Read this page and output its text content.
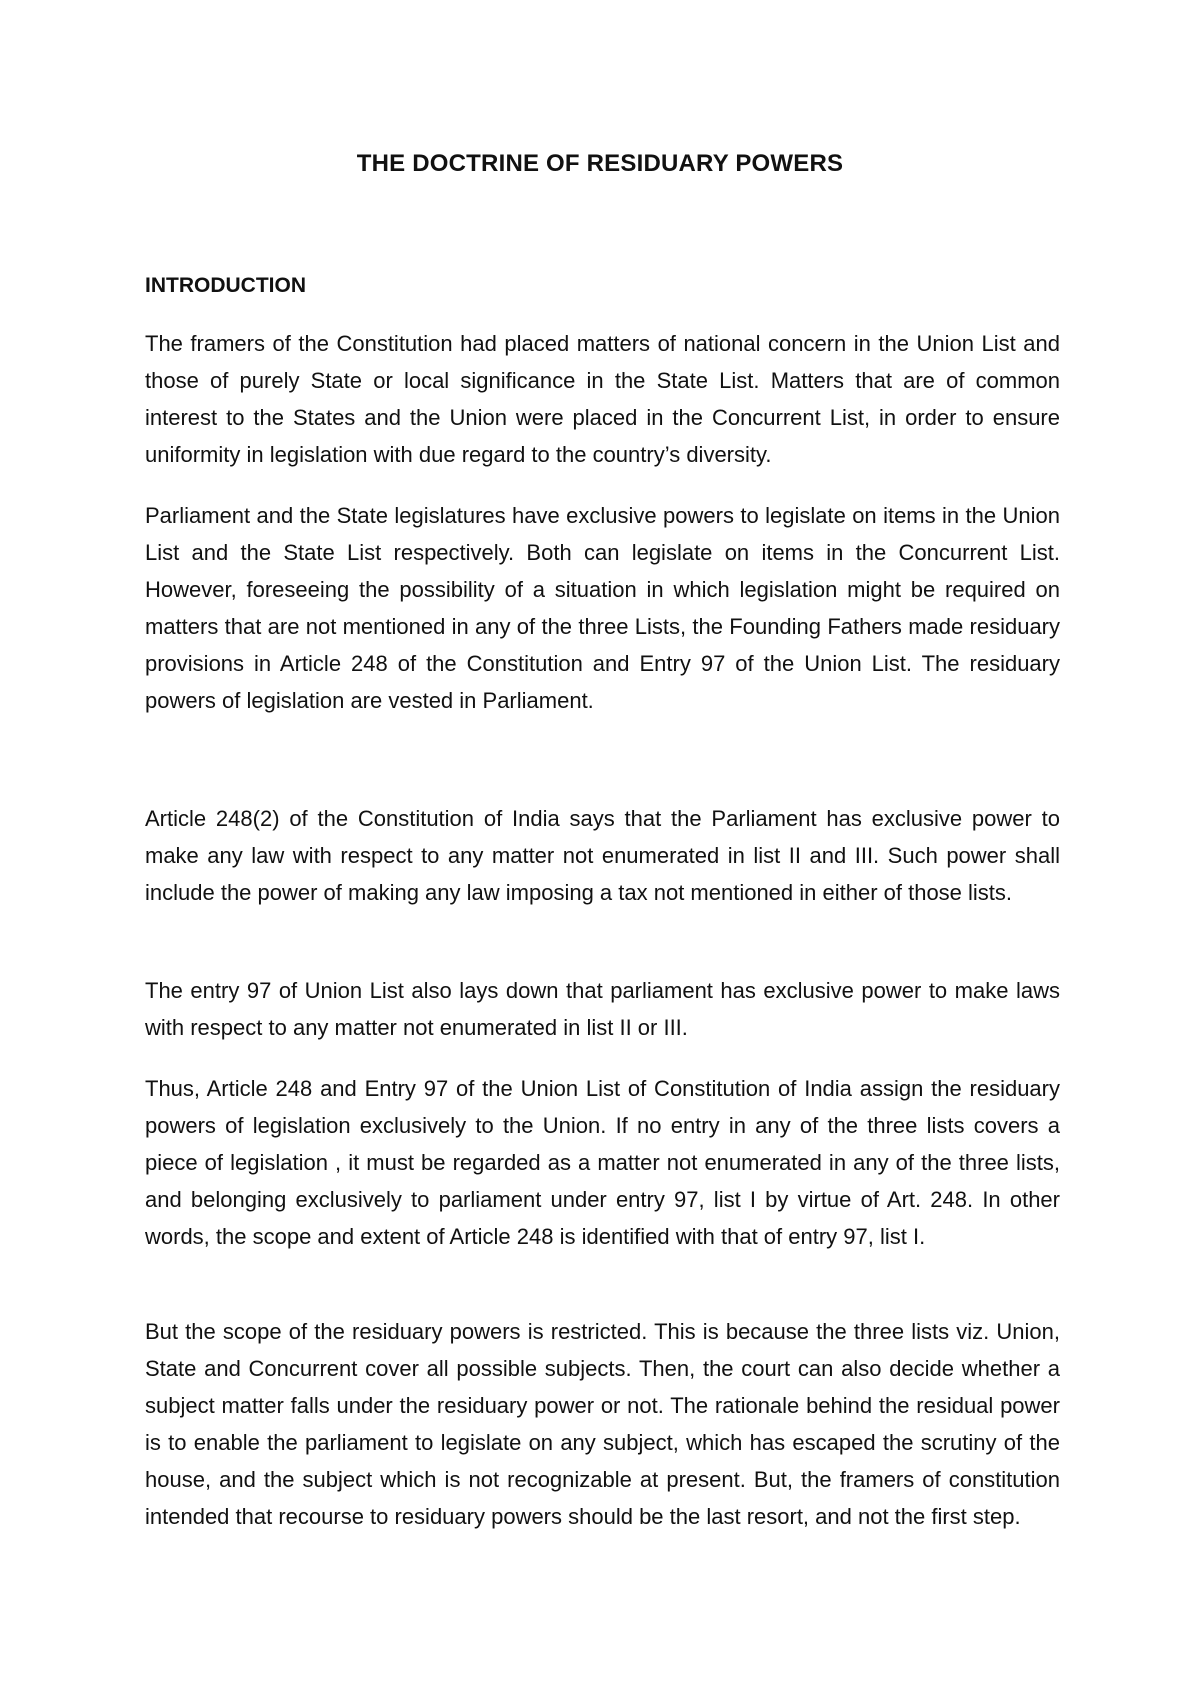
THE DOCTRINE OF RESIDUARY POWERS
INTRODUCTION

The framers of the Constitution had placed matters of national concern in the Union List and those of purely State or local significance in the State List. Matters that are of common interest to the States and the Union were placed in the Concurrent List, in order to ensure uniformity in legislation with due regard to the country’s diversity.

Parliament and the State legislatures have exclusive powers to legislate on items in the Union List and the State List respectively. Both can legislate on items in the Concurrent List. However, foreseeing the possibility of a situation in which legislation might be required on matters that are not mentioned in any of the three Lists, the Founding Fathers made residuary provisions in Article 248 of the Constitution and Entry 97 of the Union List. The residuary powers of legislation are vested in Parliament.

Article 248(2) of the Constitution of India says that the Parliament has exclusive power to make any law with respect to any matter not enumerated in list II and III. Such power shall include the power of making any law imposing a tax not mentioned in either of those lists.

The entry 97 of Union List also lays down that parliament has exclusive power to make laws with respect to any matter not enumerated in list II or III.

Thus, Article 248 and Entry 97 of the Union List of Constitution of India assign the residuary powers of legislation exclusively to the Union. If no entry in any of the three lists covers a piece of legislation , it must be regarded as a matter not enumerated in any of the three lists, and belonging exclusively to parliament under entry 97, list I by virtue of Art. 248. In other words, the scope and extent of Article 248 is identified with that of entry 97, list I.

But the scope of the residuary powers is restricted. This is because the three lists viz. Union, State and Concurrent cover all possible subjects. Then, the court can also decide whether a subject matter falls under the residuary power or not. The rationale behind the residual power is to enable the parliament to legislate on any subject, which has escaped the scrutiny of the house, and the subject which is not recognizable at present. But, the framers of constitution intended that recourse to residuary powers should be the last resort, and not the first step.
